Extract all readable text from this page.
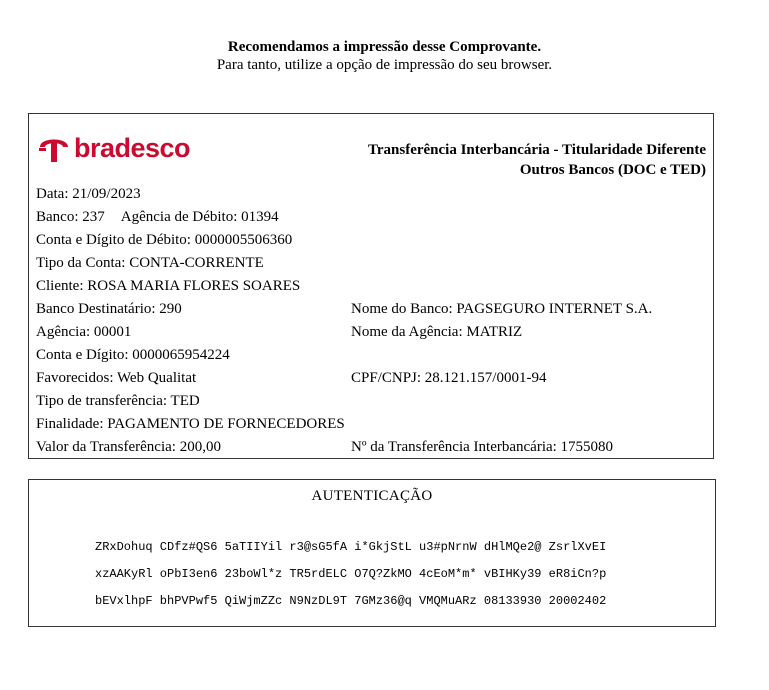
Recomendamos a impressão desse Comprovante.
Para tanto, utilize a opção de impressão do seu browser.
bradesco	Transferência Interbancária - Titularidade Diferente
Outros Bancos (DOC e TED)
Data: 21/09/2023
Banco: 237 Agência de Débito: 01394
Conta e Dígito de Débito: 0000005506360
Tipo da Conta: CONTA-CORRENTE
Cliente: ROSA MARIA FLORES SOARES
Banco Destinatário: 290	Nome do Banco: PAGSEGURO INTERNET S.A.
Agência: 00001	Nome da Agência: MATRIZ
Conta e Dígito: 0000065954224
Favorecidos: Web Qualitat	CPF/CNPJ: 28.121.157/0001-94
Tipo de transferência: TED
Finalidade: PAGAMENTO DE FORNECEDORES
Valor da Transferência: 200,00	Nº da Transferência Interbancária: 1755080
AUTENTICAÇÃO
ZRxDohuq CDfz#QS6 5aTIIYil r3@sG5fA i*GkjStL u3#pNrnW dHlMQe2@ ZsrlXvEI
xzAAKyRl oPbI3en6 23boWl*z TR5rdELC O7Q?ZkMO 4cEoM*m* vBIHKy39 eR8iCn?p
bEVxlhpF bhPVPwf5 QiWjmZZc N9NzDL9T 7GMz36@q VMQMuARz 08133930 20002402
